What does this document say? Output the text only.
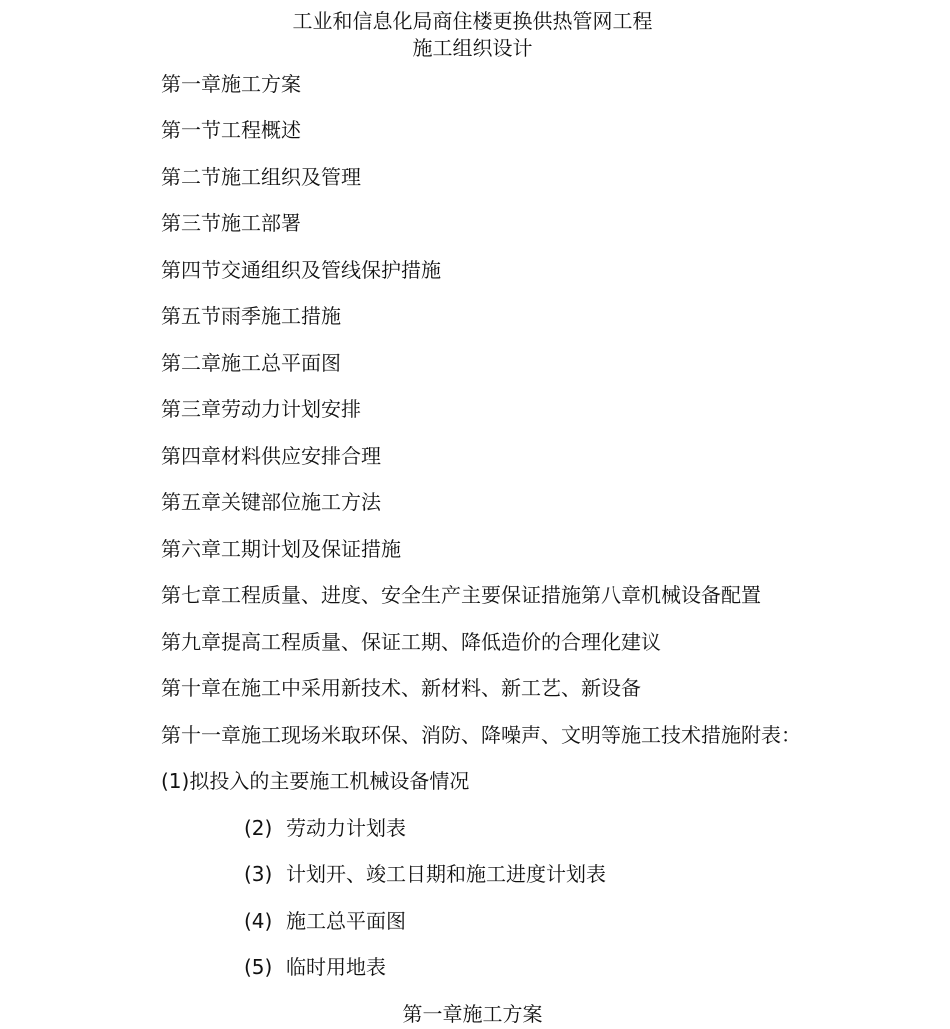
工业和信息化局商住楼更换供热管网工程
施工组织设计
第一章施工方案
第一节工程概述
第二节施工组织及管理
第三节施工部署
第四节交通组织及管线保护措施
第五节雨季施工措施
第二章施工总平面图
第三章劳动力计划安排
第四章材料供应安排合理
第五章关键部位施工方法
第六章工期计划及保证措施
第七章工程质量、进度、安全生产主要保证措施第八章机械设备配置
第九章提高工程质量、保证工期、降低造价的合理化建议
第十章在施工中采用新技术、新材料、新工艺、新设备
第十一章施工现场米取环保、消防、降噪声、文明等施工技术措施附表：
(1)拟投入的主要施工机械设备情况
(2) 劳动力计划表
(3) 计划开、竣工日期和施工进度计划表
(4) 施工总平面图
(5) 临时用地表
第一章施工方案
